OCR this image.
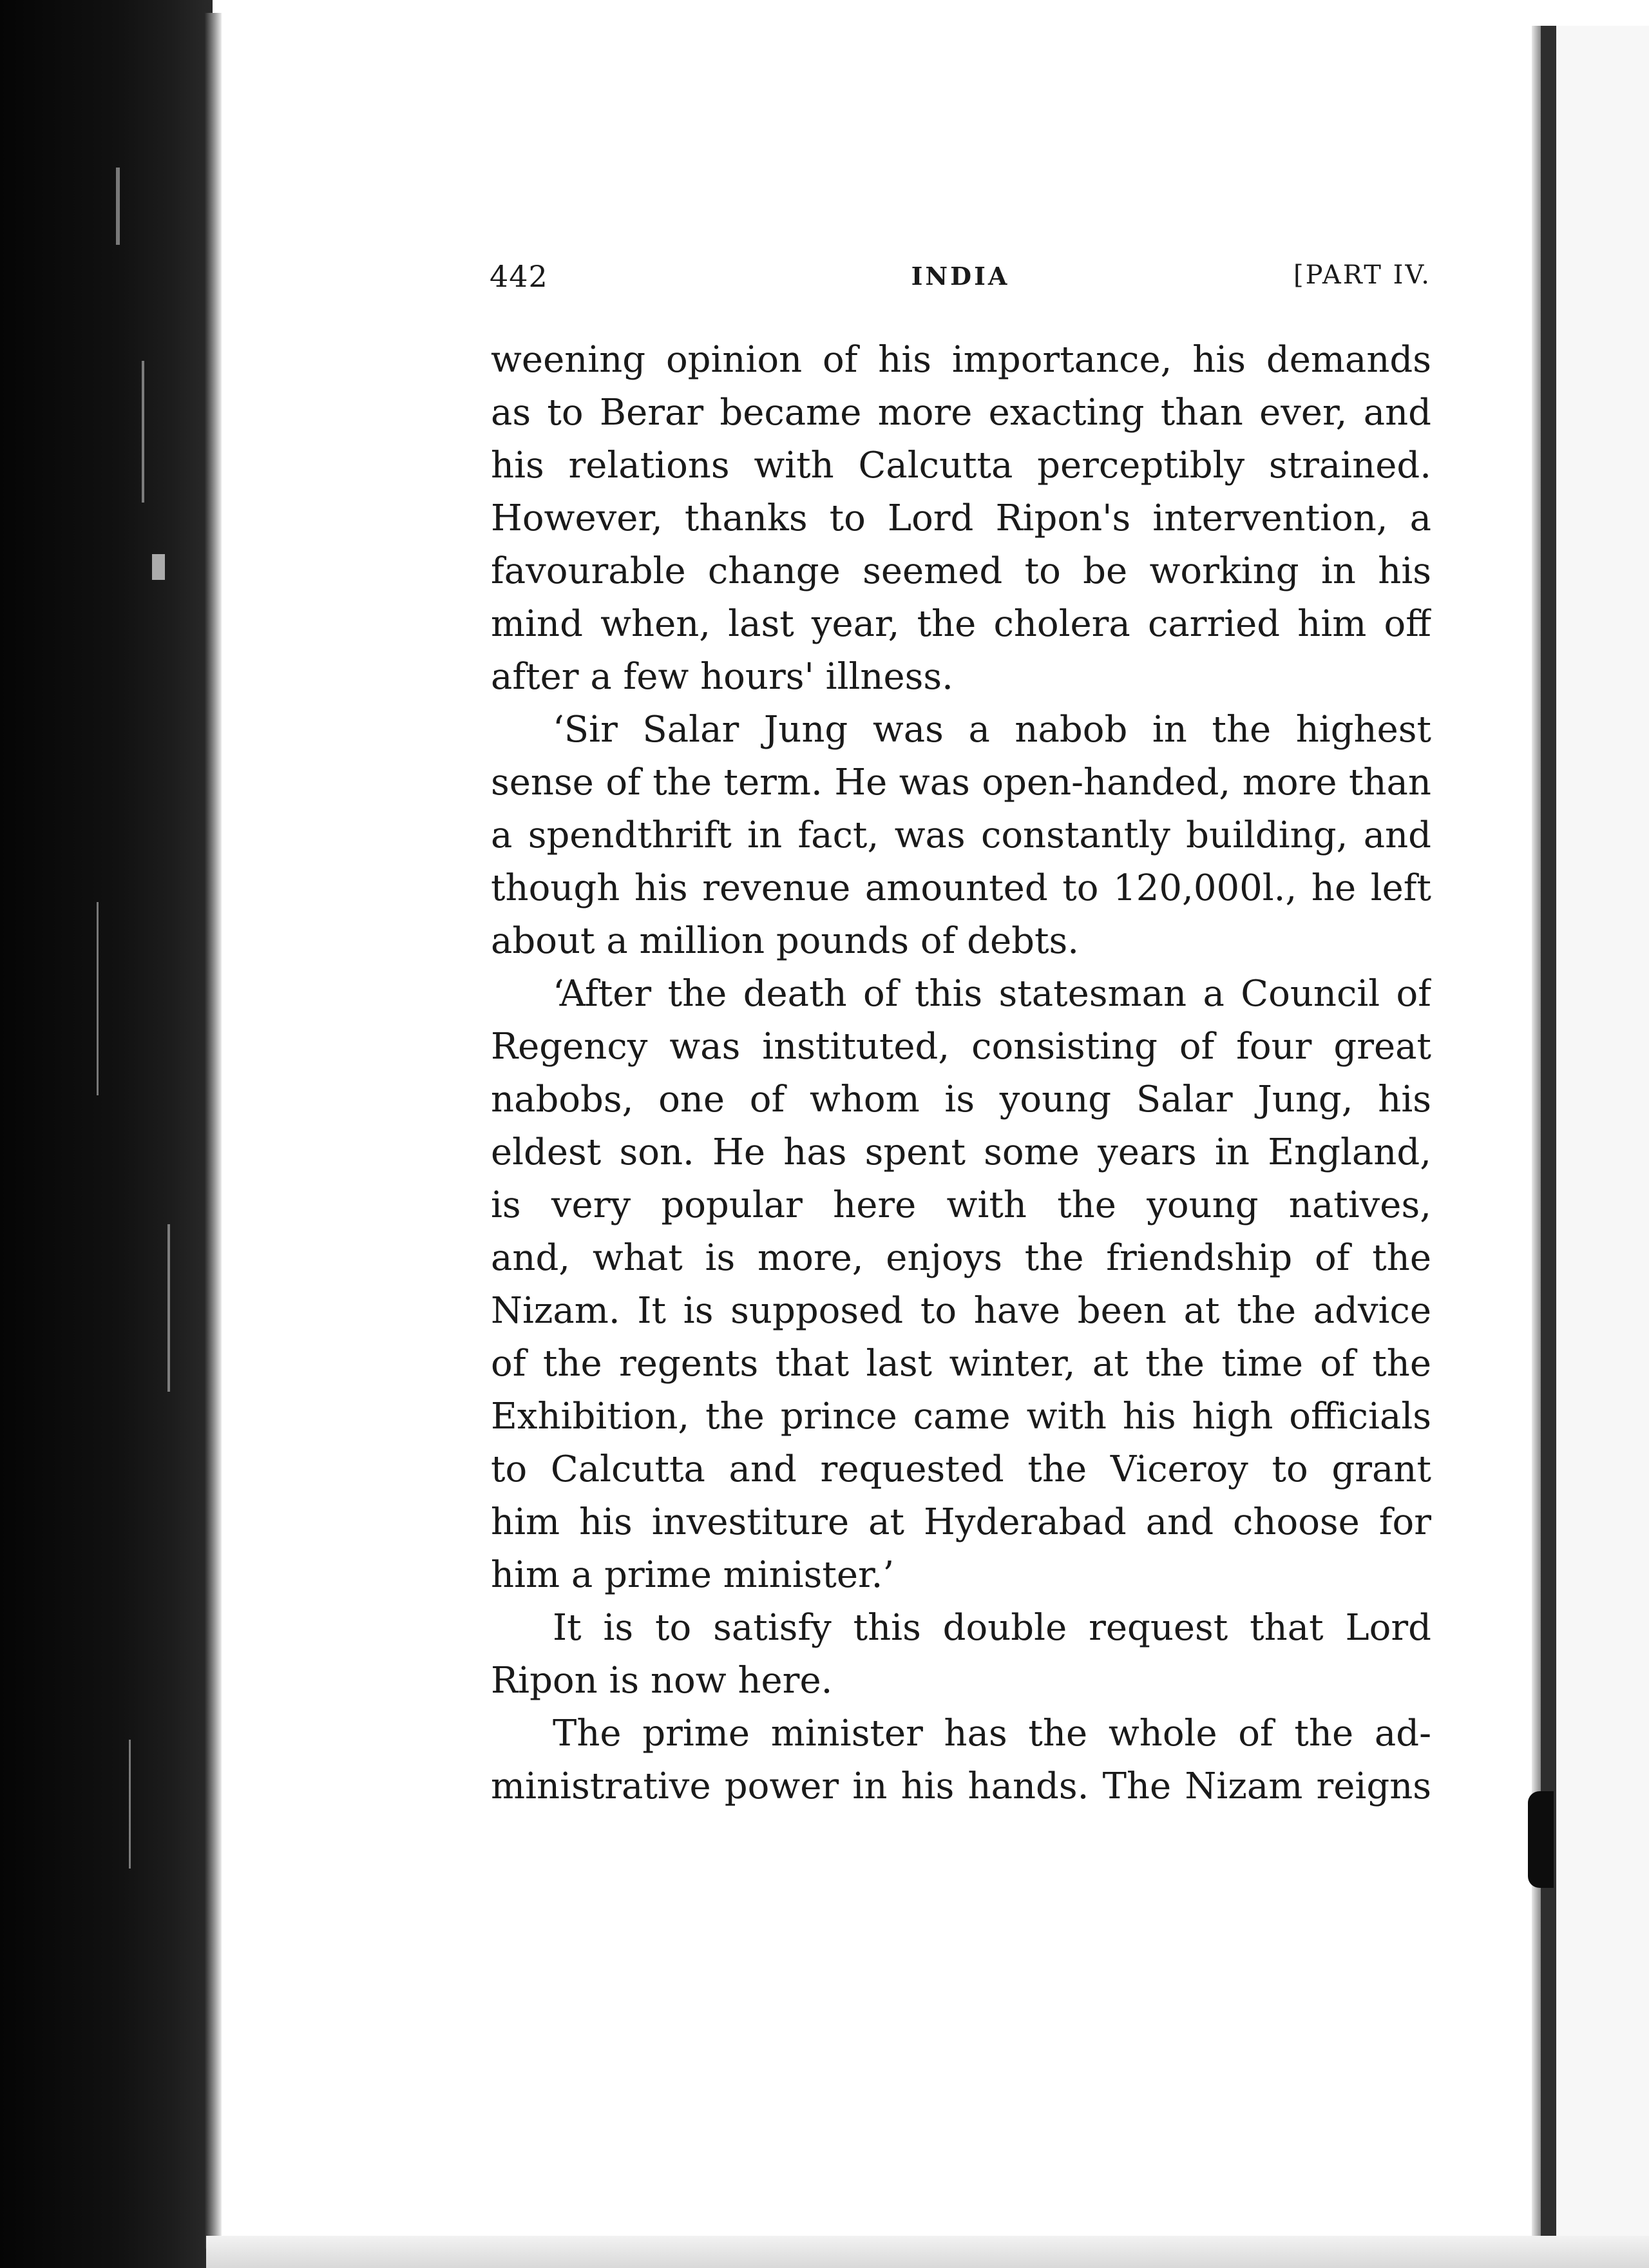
442	INDIA	[PART IV.
weening opinion of his importance, his demands
as to Berar became more exacting than ever, and
his relations with Calcutta perceptibly strained.
However, thanks to Lord Ripon's intervention, a
favourable change seemed to be working in his
mind when, last year, the cholera carried him off
after a few hours' illness.
‘Sir Salar Jung was a nabob in the highest
sense of the term. He was open-handed, more than
a spendthrift in fact, was constantly building, and
though his revenue amounted to 120,000l., he left
about a million pounds of debts.
‘After the death of this statesman a Council of
Regency was instituted, consisting of four great
nabobs, one of whom is young Salar Jung, his
eldest son. He has spent some years in England,
is very popular here with the young natives,
and, what is more, enjoys the friendship of the
Nizam. It is supposed to have been at the advice
of the regents that last winter, at the time of the
Exhibition, the prince came with his high officials
to Calcutta and requested the Viceroy to grant
him his investiture at Hyderabad and choose for
him a prime minister.’
It is to satisfy this double request that Lord
Ripon is now here.
The prime minister has the whole of the ad-
ministrative power in his hands. The Nizam reigns
